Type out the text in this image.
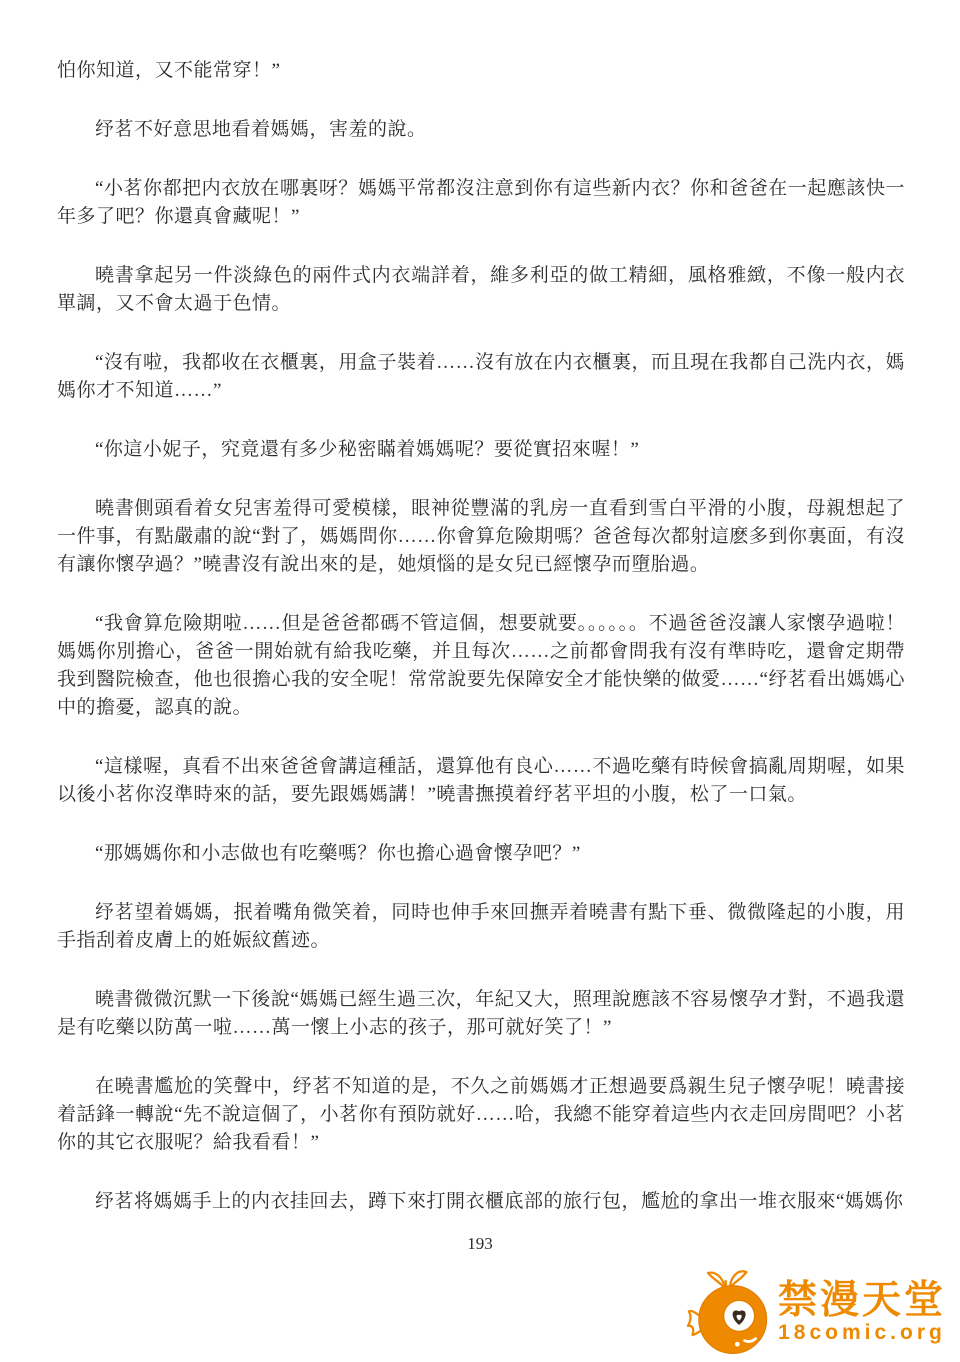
怕你知道，又不能常穿！”

纾茗不好意思地看着媽媽，害羞的說。

“小茗你都把内衣放在哪裏呀？媽媽平常都沒注意到你有這些新内衣？你和爸爸在一起應該快一年多了吧？你還真會藏呢！”

曉書拿起另一件淡綠色的兩件式内衣端詳着，維多利亞的做工精細，風格雅緻，不像一般内衣單調，又不會太過于色情。

“沒有啦，我都收在衣櫃裏，用盒子裝着……沒有放在内衣櫃裏，而且現在我都自己洗内衣，媽媽你才不知道……”

“你這小妮子，究竟還有多少秘密瞞着媽媽呢？要從實招來喔！”

曉書側頭看着女兒害羞得可愛模樣，眼神從豐滿的乳房一直看到雪白平滑的小腹，母親想起了一件事，有點嚴肅的說“對了，媽媽問你……你會算危險期嗎？爸爸每次都射這麽多到你裏面，有沒有讓你懷孕過？”曉書沒有說出來的是，她煩惱的是女兒已經懷孕而墮胎過。

“我會算危險期啦……但是爸爸都碼不管這個，想要就要。。。。。。不過爸爸沒讓人家懷孕過啦！媽媽你別擔心，爸爸一開始就有給我吃藥，并且每次……之前都會問我有沒有準時吃，還會定期帶我到醫院檢查，他也很擔心我的安全呢！常常說要先保障安全才能快樂的做愛……“纾茗看出媽媽心中的擔憂，認真的說。

“這樣喔，真看不出來爸爸會講這種話，還算他有良心……不過吃藥有時候會搞亂周期喔，如果以後小茗你沒準時來的話，要先跟媽媽講！”曉書撫摸着纾茗平坦的小腹，松了一口氣。

“那媽媽你和小志做也有吃藥嗎？你也擔心過會懷孕吧？”

纾茗望着媽媽，抿着嘴角微笑着，同時也伸手來回撫弄着曉書有點下垂、微微隆起的小腹，用手指刮着皮膚上的姙娠紋舊迹。

曉書微微沉默一下後說“媽媽已經生過三次，年紀又大，照理說應該不容易懷孕才對，不過我還是有吃藥以防萬一啦……萬一懷上小志的孩子，那可就好笑了！”

在曉書尷尬的笑聲中，纾茗不知道的是，不久之前媽媽才正想過要爲親生兒子懷孕呢！曉書接着話鋒一轉說“先不說這個了，小茗你有預防就好……哈，我總不能穿着這些内衣走回房間吧？小茗你的其它衣服呢？給我看看！”

纾茗将媽媽手上的内衣挂回去，蹲下來打開衣櫃底部的旅行包，尷尬的拿出一堆衣服來“媽媽你

193
禁漫天堂
18comic.org
